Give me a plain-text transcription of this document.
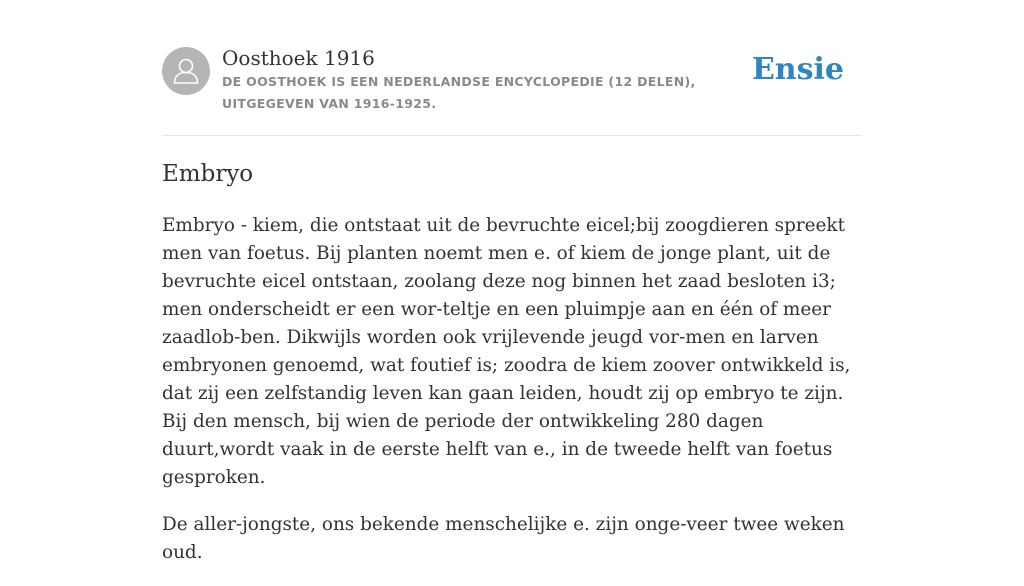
Oosthoek 1916
DE OOSTHOEK IS EEN NEDERLANDSE ENCYCLOPEDIE (12 DELEN), UITGEGEVEN VAN 1916-1925.
Ensie
Embryo

Embryo - kiem, die ontstaat uit de bevruchte eicel;bij zoogdieren spreekt men van foetus. Bij planten noemt men e. of kiem de jonge plant, uit de bevruchte eicel ontstaan, zoolang deze nog binnen het zaad besloten i3; men onderscheidt er een wor-teltje en een pluimpje aan en één of meer zaadlob-ben. Dikwijls worden ook vrijlevende jeugd vor-men en larven embryonen genoemd, wat foutief is; zoodra de kiem zoover ontwikkeld is, dat zij een zelfstandig leven kan gaan leiden, houdt zij op embryo te zijn. Bij den mensch, bij wien de periode der ontwikkeling 280 dagen duurt,wordt vaak in de eerste helft van e., in de tweede helft van foetus gesproken.

De aller-jongste, ons bekende menschelijke e. zijn onge-veer twee weken oud.
